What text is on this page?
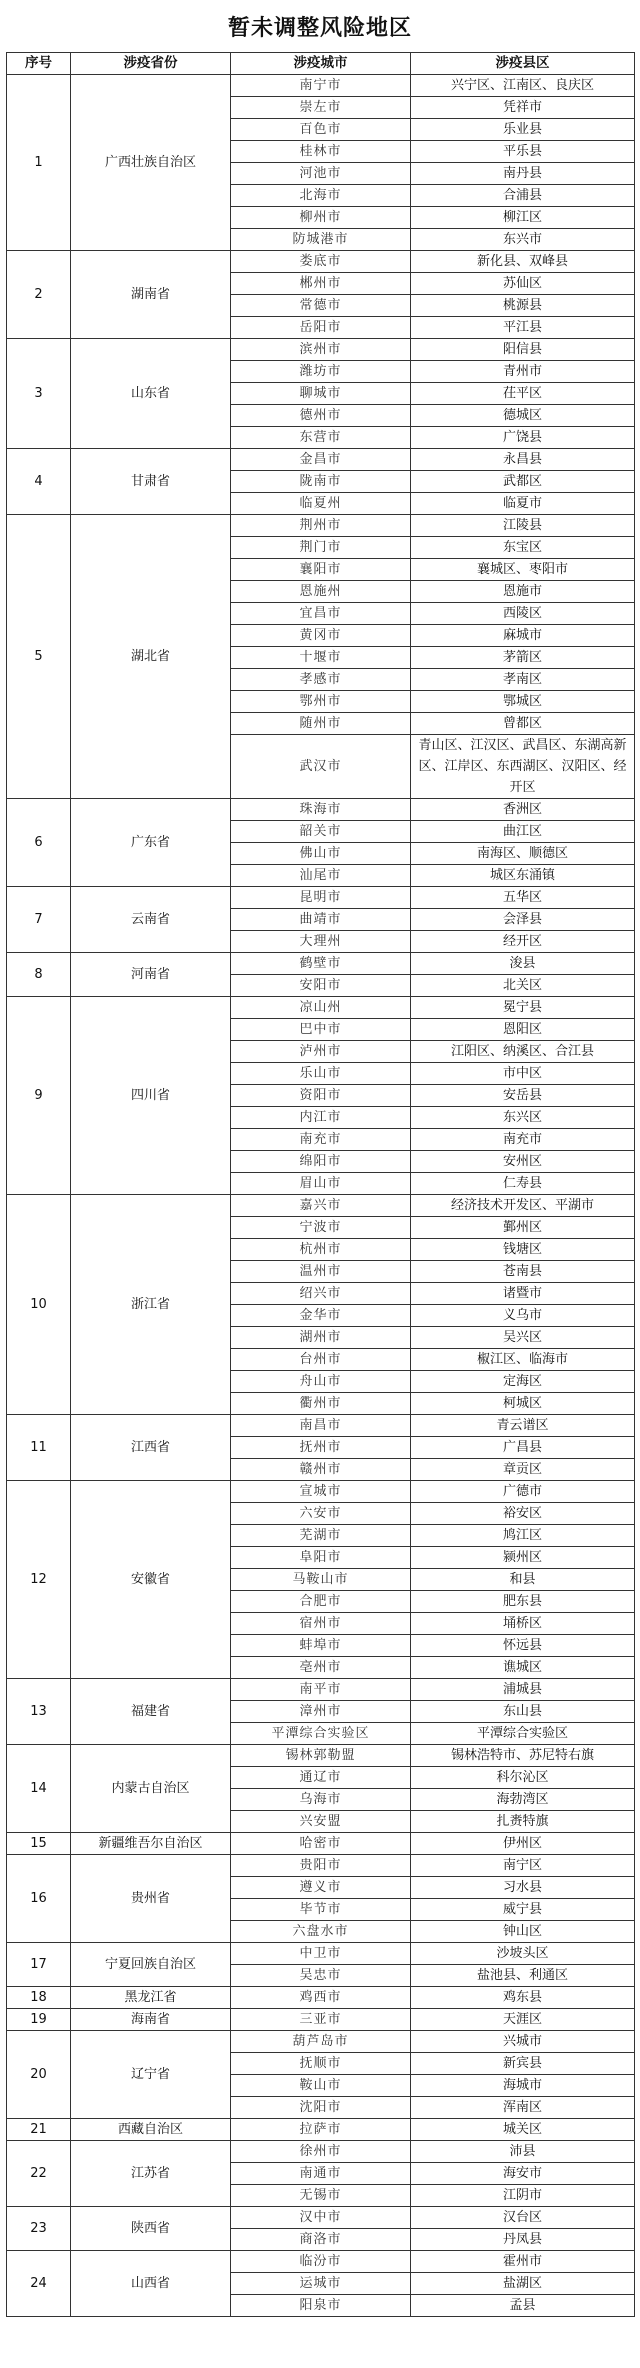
暂未调整风险地区
序号	涉疫省份	涉疫城市	涉疫县区
1	广西壮族自治区	南宁市	兴宁区、江南区、良庆区
		崇左市	凭祥市
		百色市	乐业县
		桂林市	平乐县
		河池市	南丹县
		北海市	合浦县
		柳州市	柳江区
		防城港市	东兴市
2	湖南省	娄底市	新化县、双峰县
		郴州市	苏仙区
		常德市	桃源县
		岳阳市	平江县
3	山东省	滨州市	阳信县
		潍坊市	青州市
		聊城市	茌平区
		德州市	德城区
		东营市	广饶县
4	甘肃省	金昌市	永昌县
		陇南市	武都区
		临夏州	临夏市
5	湖北省	荆州市	江陵县
		荆门市	东宝区
		襄阳市	襄城区、枣阳市
		恩施州	恩施市
		宜昌市	西陵区
		黄冈市	麻城市
		十堰市	茅箭区
		孝感市	孝南区
		鄂州市	鄂城区
		随州市	曾都区
		武汉市	青山区、江汉区、武昌区、东湖高新区、江岸区、东西湖区、汉阳区、经开区
6	广东省	珠海市	香洲区
		韶关市	曲江区
		佛山市	南海区、顺德区
		汕尾市	城区东涌镇
7	云南省	昆明市	五华区
		曲靖市	会泽县
		大理州	经开区
8	河南省	鹤壁市	浚县
		安阳市	北关区
9	四川省	凉山州	冕宁县
		巴中市	恩阳区
		泸州市	江阳区、纳溪区、合江县
		乐山市	市中区
		资阳市	安岳县
		内江市	东兴区
		南充市	南充市
		绵阳市	安州区
		眉山市	仁寿县
10	浙江省	嘉兴市	经济技术开发区、平湖市
		宁波市	鄞州区
		杭州市	钱塘区
		温州市	苍南县
		绍兴市	诸暨市
		金华市	义乌市
		湖州市	吴兴区
		台州市	椒江区、临海市
		舟山市	定海区
		衢州市	柯城区
11	江西省	南昌市	青云谱区
		抚州市	广昌县
		赣州市	章贡区
12	安徽省	宣城市	广德市
		六安市	裕安区
		芜湖市	鸠江区
		阜阳市	颍州区
		马鞍山市	和县
		合肥市	肥东县
		宿州市	埇桥区
		蚌埠市	怀远县
		亳州市	谯城区
13	福建省	南平市	浦城县
		漳州市	东山县
		平潭综合实验区	平潭综合实验区
14	内蒙古自治区	锡林郭勒盟	锡林浩特市、苏尼特右旗
		通辽市	科尔沁区
		乌海市	海勃湾区
		兴安盟	扎赉特旗
15	新疆维吾尔自治区	哈密市	伊州区
16	贵州省	贵阳市	南宁区
		遵义市	习水县
		毕节市	威宁县
		六盘水市	钟山区
17	宁夏回族自治区	中卫市	沙坡头区
		吴忠市	盐池县、利通区
18	黑龙江省	鸡西市	鸡东县
19	海南省	三亚市	天涯区
20	辽宁省	葫芦岛市	兴城市
		抚顺市	新宾县
		鞍山市	海城市
		沈阳市	浑南区
21	西藏自治区	拉萨市	城关区
22	江苏省	徐州市	沛县
		南通市	海安市
		无锡市	江阴市
23	陕西省	汉中市	汉台区
		商洛市	丹凤县
24	山西省	临汾市	霍州市
		运城市	盐湖区
		阳泉市	孟县
